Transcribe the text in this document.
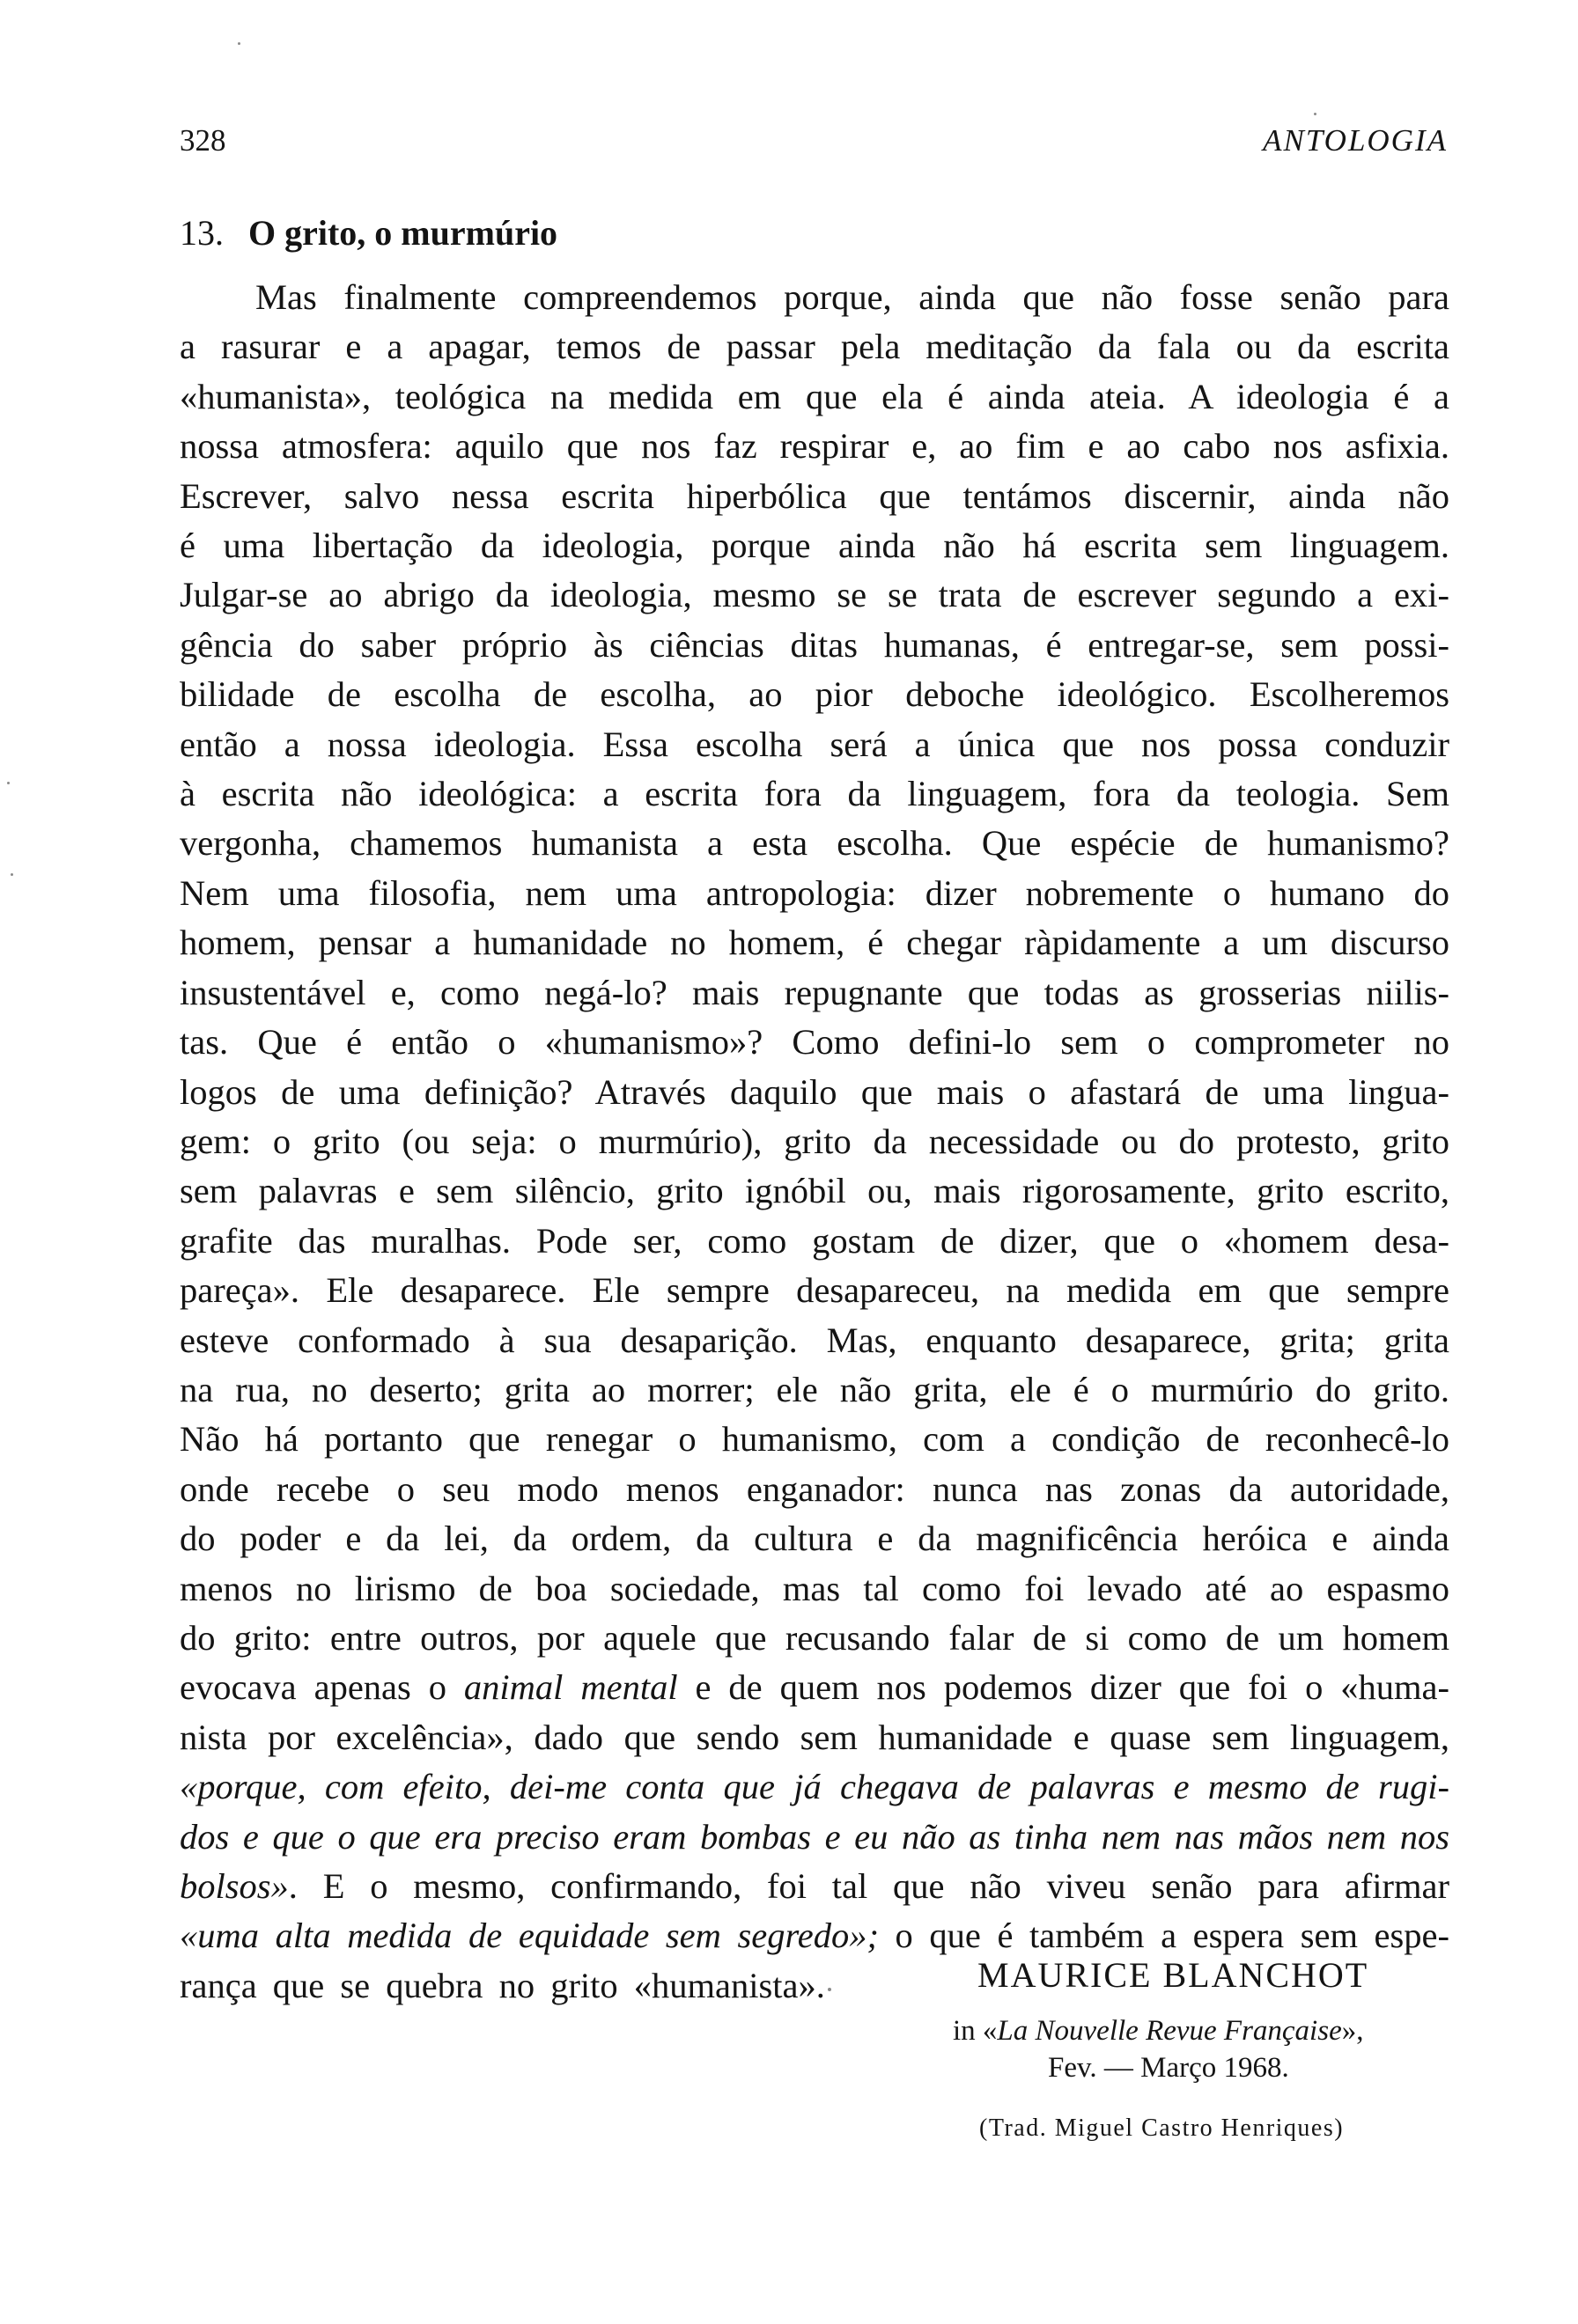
328	ANTOLOGIA
13. O grito, o murmúrio
Mas finalmente compreendemos porque, ainda que não fosse senão para
a rasurar e a apagar, temos de passar pela meditação da fala ou da escrita
«humanista», teológica na medida em que ela é ainda ateia. A ideologia é a
nossa atmosfera: aquilo que nos faz respirar e, ao fim e ao cabo nos asfixia.
Escrever, salvo nessa escrita hiperbólica que tentámos discernir, ainda não
é uma libertação da ideologia, porque ainda não há escrita sem linguagem.
Julgar-se ao abrigo da ideologia, mesmo se se trata de escrever segundo a exi-
gência do saber próprio às ciências ditas humanas, é entregar-se, sem possi-
bilidade de escolha de escolha, ao pior deboche ideológico. Escolheremos
então a nossa ideologia. Essa escolha será a única que nos possa conduzir
à escrita não ideológica: a escrita fora da linguagem, fora da teologia. Sem
vergonha, chamemos humanista a esta escolha. Que espécie de humanismo?
Nem uma filosofia, nem uma antropologia: dizer nobremente o humano do
homem, pensar a humanidade no homem, é chegar ràpidamente a um discurso
insustentável e, como negá-lo? mais repugnante que todas as grosserias niilis-
tas. Que é então o «humanismo»? Como defini-lo sem o comprometer no
logos de uma definição? Através daquilo que mais o afastará de uma lingua-
gem: o grito (ou seja: o murmúrio), grito da necessidade ou do protesto, grito
sem palavras e sem silêncio, grito ignóbil ou, mais rigorosamente, grito escrito,
grafite das muralhas. Pode ser, como gostam de dizer, que o «homem desa-
pareça». Ele desaparece. Ele sempre desapareceu, na medida em que sempre
esteve conformado à sua desaparição. Mas, enquanto desaparece, grita; grita
na rua, no deserto; grita ao morrer; ele não grita, ele é o murmúrio do grito.
Não há portanto que renegar o humanismo, com a condição de reconhecê-lo
onde recebe o seu modo menos enganador: nunca nas zonas da autoridade,
do poder e da lei, da ordem, da cultura e da magnificência heróica e ainda
menos no lirismo de boa sociedade, mas tal como foi levado até ao espasmo
do grito: entre outros, por aquele que recusando falar de si como de um homem
evocava apenas o animal mental e de quem nos podemos dizer que foi o «huma-
nista por excelência», dado que sendo sem humanidade e quase sem linguagem,
«porque, com efeito, dei-me conta que já chegava de palavras e mesmo de rugi-
dos e que o que era preciso eram bombas e eu não as tinha nem nas mãos nem nos
bolsos». E o mesmo, confirmando, foi tal que não viveu senão para afirmar
«uma alta medida de equidade sem segredo»; o que é também a espera sem espe-
rança que se quebra no grito «humanista».	MAURICE BLANCHOT
in «La Nouvelle Revue Française»,
Fev. — Março 1968.
(Trad. Miguel Castro Henriques)
